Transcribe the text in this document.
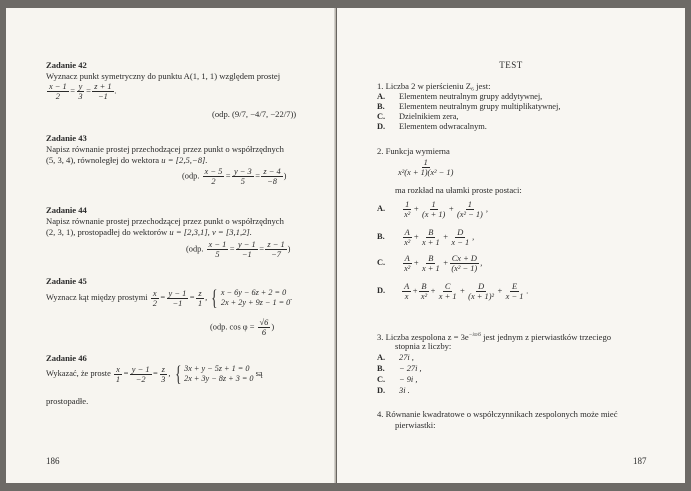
Zadanie 42
Wyznacz punkt symetryczny do punktu A(1, 1, 1) względem prostej
$\frac{x - 1}{2} = \frac{y}{3} = \frac{z + 1}{-1}$ .
(odp. (9/7, −4/7, −22/7))
Zadanie 43
Napisz równanie prostej przechodzącej przez punkt o współrzędnych
(5, 3, 4), równoległej do wektora u = [2,5,−8].
(odp. $\frac{x - 5}{2} = \frac{y - 3}{5} = \frac{z - 4}{-8}$ )
Zadanie 44
Napisz równanie prostej przechodzącej przez punkt o współrzędnych
(2, 3, 1), prostopadłej do wektorów u = [2,3,1], v = [3,1,2].
(odp. $\frac{x - 1}{5} = \frac{y - 1}{-1} = \frac{z - 1}{-7}$ )
Zadanie 45
Wyznacz kąt między prostymi $\frac{x}{2} = \frac{y - 1}{-1} = \frac{z}{1}$ , { x − 6y − 6z + 2 = 0
2x + 2y + 9z − 1 = 0
.
(odp. $\cos \varphi = \frac{√6}{6}$ )
Zadanie 46
Wykazać, że proste $\frac{x}{1} = \frac{y - 1}{-2} = \frac{z}{3}$ , { 3x + y − 5z + 1 = 0
2x + 3y − 8z + 3 = 0
są
prostopadłe.
186
TEST
1. Liczba 2 w pierścieniu Z₆ jest:
A. Elementem neutralnym grupy addytywnej,
B. Elementem neutralnym grupy multiplikatywnej,
C. Dzielnikiem zera,
D. Elementem odwracalnym.
2. Funkcja wymierna
$\frac{1}{\text{x²(x + 1)(x² − 1)}}$
ma rozkład na ułamki proste postaci:
A. $\frac{1}{\text{x²}} + \frac{1}{(x + 1)} + \frac{1}{\text{(x² − 1)}}$ ,
B. $\frac{A}{\text{x²}} + \frac{B}{x + 1} + \frac{D}{x - 1}$ ,
C. $\frac{A}{\text{x²}} + \frac{B}{x + 1} + \frac{Cx + D}{\text{(x² − 1)}}$ ,
D. $\frac{A}{x} + \frac{B}{\text{x²}} + \frac{C}{x + 1} + \frac{D}{\text{(x + 1)²}} + \frac{E}{x - 1}$ .
3. Liczba zespolona $z = 3e^{-i\pi/6}$ jest jednym z pierwiastków trzeciego
stopnia z liczby:
A. 27i ,
B. − 27i ,
C. − 9i ,
D. 3i .
4. Równanie kwadratowe o współczynnikach zespolonych może mieć
pierwiastki:
187
